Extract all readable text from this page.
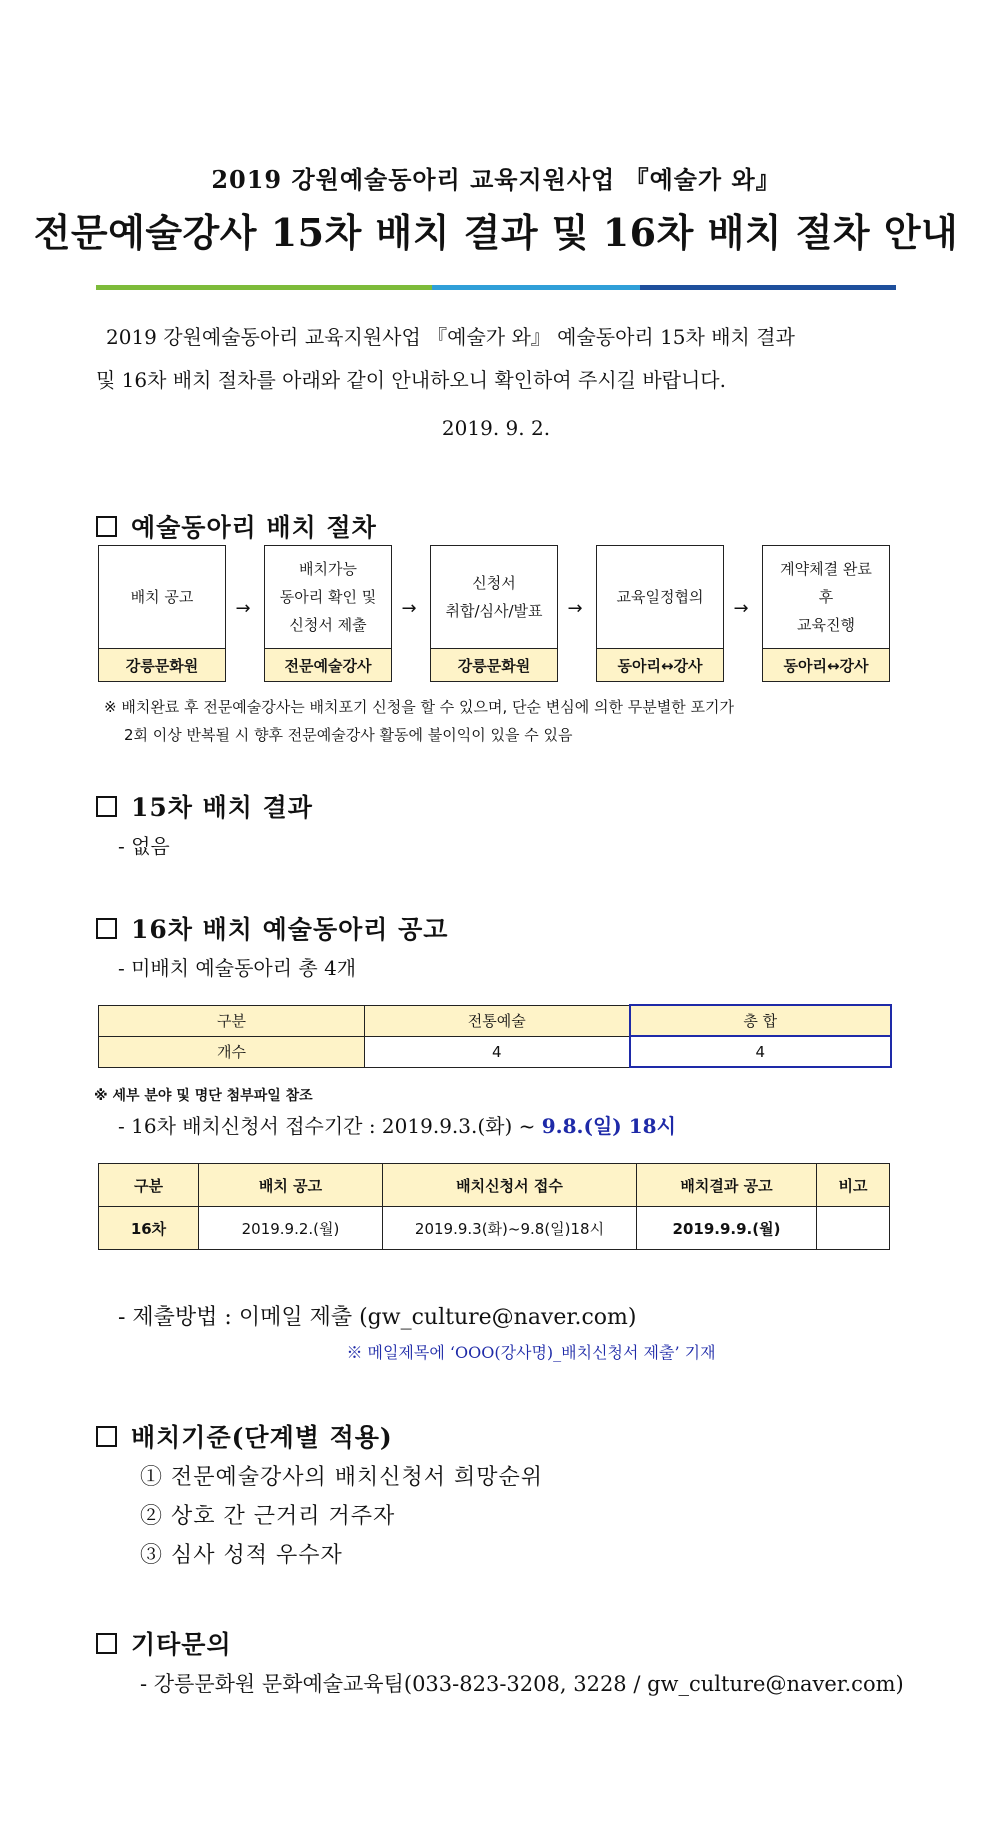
2019 강원예술동아리 교육지원사업 『예술가 와』
전문예술강사 15차 배치 결과 및 16차 배치 절차 안내
2019 강원예술동아리 교육지원사업 『예술가 와』 예술동아리 15차 배치 결과
및 16차 배치 절차를 아래와 같이 안내하오니 확인하여 주시길 바랍니다.
2019. 9. 2.
예술동아리 배치 절차
배치 공고
강릉문화원
→
배치가능
동아리 확인 및
신청서 제출
전문예술강사
→
신청서
취합/심사/발표
강릉문화원
→
교육일정협의
동아리↔강사
→
계약체결 완료
후
교육진행
동아리↔강사
※ 배치완료 후 전문예술강사는 배치포기 신청을 할 수 있으며, 단순 변심에 의한 무분별한 포기가
2회 이상 반복될 시 향후 전문예술강사 활동에 불이익이 있을 수 있음
15차 배치 결과
- 없음
16차 배치 예술동아리 공고
- 미배치 예술동아리 총 4개
구분	전통예술	총 합
개수	4	4
※ 세부 분야 및 명단 첨부파일 참조
- 16차 배치신청서 접수기간 : 2019.9.3.(화) ~ 9.8.(일) 18시
구분	배치 공고	배치신청서 접수	배치결과 공고	비고
16차	2019.9.2.(월)	2019.9.3(화)~9.8(일)18시	2019.9.9.(월)	
- 제출방법 : 이메일 제출 (gw_culture@naver.com)
※ 메일제목에 ‘OOO(강사명)_배치신청서 제출’ 기재
배치기준(단계별 적용)
① 전문예술강사의 배치신청서 희망순위
② 상호 간 근거리 거주자
③ 심사 성적 우수자
기타문의
- 강릉문화원 문화예술교육팀(033-823-3208, 3228 / gw_culture@naver.com)
